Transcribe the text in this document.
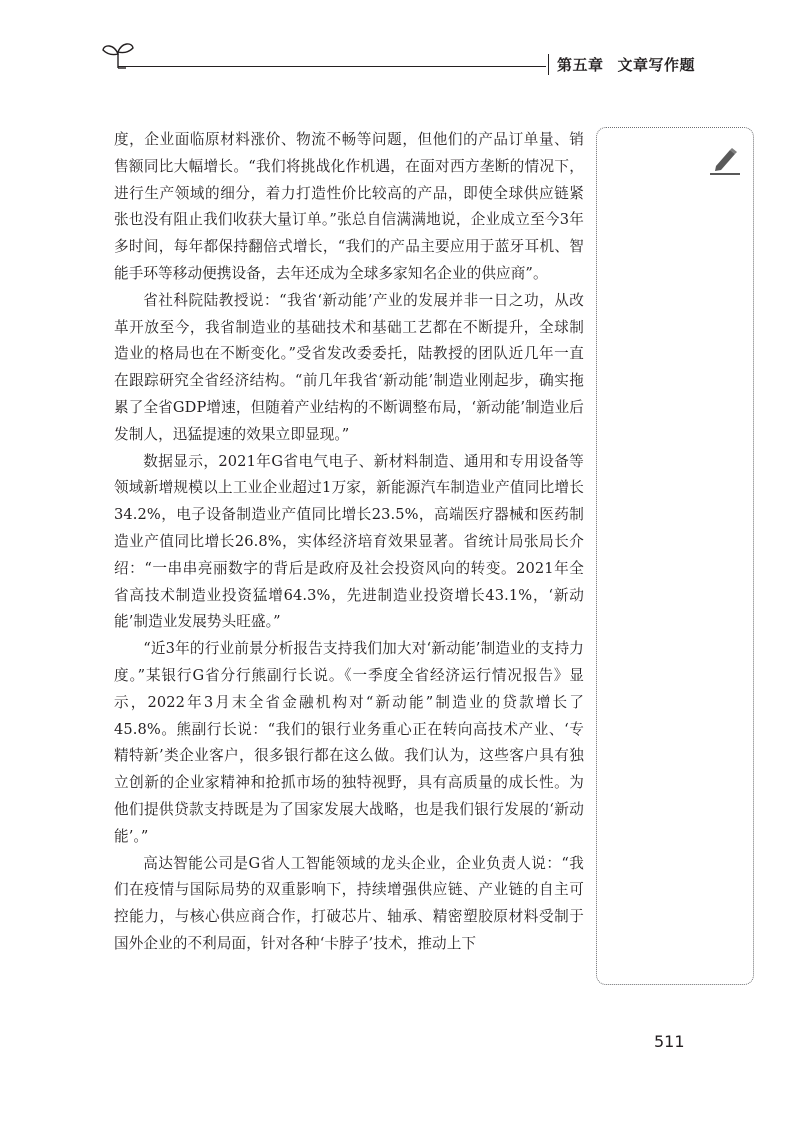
第五章 文章写作题

度，企业面临原材料涨价、物流不畅等问题，但他们的产品订单量、销售额同比大幅增长。“我们将挑战化作机遇，在面对西方垄断的情况下，进行生产领域的细分，着力打造性价比较高的产品，即使全球供应链紧张也没有阻止我们收获大量订单。”张总自信满满地说，企业成立至今3年多时间，每年都保持翻倍式增长，“我们的产品主要应用于蓝牙耳机、智能手环等移动便携设备，去年还成为全球多家知名企业的供应商”。

省社科院陆教授说：“我省‘新动能’产业的发展并非一日之功，从改革开放至今，我省制造业的基础技术和基础工艺都在不断提升，全球制造业的格局也在不断变化。”受省发改委委托，陆教授的团队近几年一直在跟踪研究全省经济结构。“前几年我省‘新动能’制造业刚起步，确实拖累了全省GDP增速，但随着产业结构的不断调整布局，‘新动能’制造业后发制人，迅猛提速的效果立即显现。”

数据显示，2021年G省电气电子、新材料制造、通用和专用设备等领域新增规模以上工业企业超过1万家，新能源汽车制造业产值同比增长34.2%，电子设备制造业产值同比增长23.5%，高端医疗器械和医药制造业产值同比增长26.8%，实体经济培育效果显著。省统计局张局长介绍：“一串串亮丽数字的背后是政府及社会投资风向的转变。2021年全省高技术制造业投资猛增64.3%，先进制造业投资增长43.1%，‘新动能’制造业发展势头旺盛。”

“近3年的行业前景分析报告支持我们加大对‘新动能’制造业的支持力度。”某银行G省分行熊副行长说。《一季度全省经济运行情况报告》显示，2022年3月末全省金融机构对“新动能”制造业的贷款增长了45.8%。熊副行长说：“我们的银行业务重心正在转向高技术产业、‘专精特新’类企业客户，很多银行都在这么做。我们认为，这些客户具有独立创新的企业家精神和抢抓市场的独特视野，具有高质量的成长性。为他们提供贷款支持既是为了国家发展大战略，也是我们银行发展的‘新动能’。”

高达智能公司是G省人工智能领域的龙头企业，企业负责人说：“我们在疫情与国际局势的双重影响下，持续增强供应链、产业链的自主可控能力，与核心供应商合作，打破芯片、轴承、精密塑胶原材料受制于国外企业的不利局面，针对各种‘卡脖子’技术，推动上下

511
